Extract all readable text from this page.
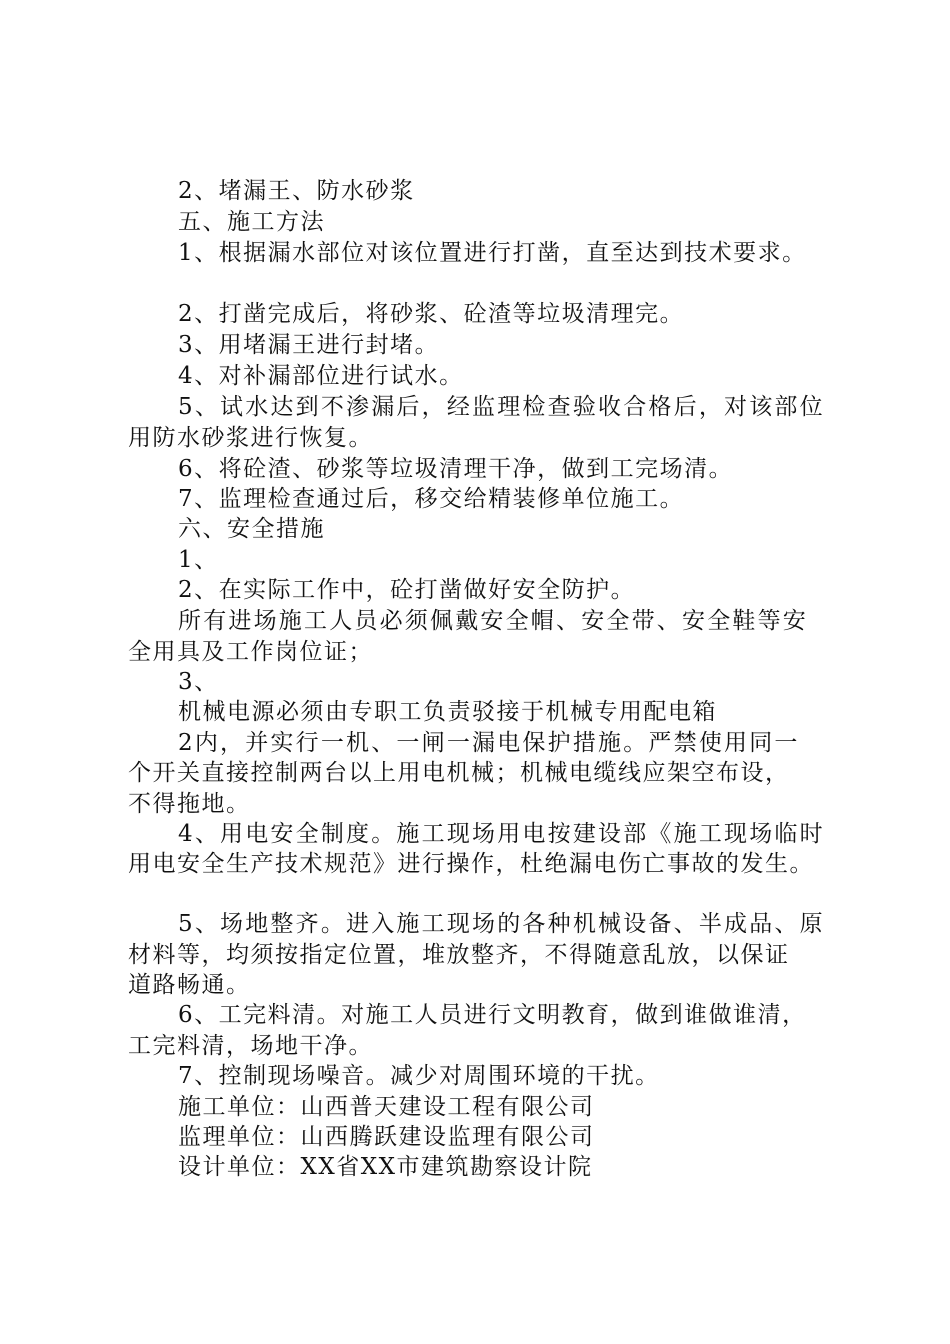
2、堵漏王、防水砂浆
五、施工方法
1、根据漏水部位对该位置进行打凿，直至达到技术要求。
2、打凿完成后，将砂浆、砼渣等垃圾清理完。
3、用堵漏王进行封堵。
4、对补漏部位进行试水。
5、试水达到不渗漏后，经监理检查验收合格后，对该部位
用防水砂浆进行恢复。
6、将砼渣、砂浆等垃圾清理干净，做到工完场清。
7、监理检查通过后，移交给精装修单位施工。
六、安全措施
1、
2、在实际工作中，砼打凿做好安全防护。
所有进场施工人员必须佩戴安全帽、安全带、安全鞋等安
全用具及工作岗位证；
3、
机械电源必须由专职工负责驳接于机械专用配电箱
2内，并实行一机、一闸一漏电保护措施。严禁使用同一
个开关直接控制两台以上用电机械；机械电缆线应架空布设，
不得拖地。
4、用电安全制度。施工现场用电按建设部《施工现场临时
用电安全生产技术规范》进行操作，杜绝漏电伤亡事故的发生。
5、场地整齐。进入施工现场的各种机械设备、半成品、原
材料等，均须按指定位置，堆放整齐，不得随意乱放，以保证
道路畅通。
6、工完料清。对施工人员进行文明教育，做到谁做谁清，
工完料清，场地干净。
7、控制现场噪音。减少对周围环境的干扰。
施工单位：山西普天建设工程有限公司
监理单位：山西腾跃建设监理有限公司
设计单位：XX省XX市建筑勘察设计院
